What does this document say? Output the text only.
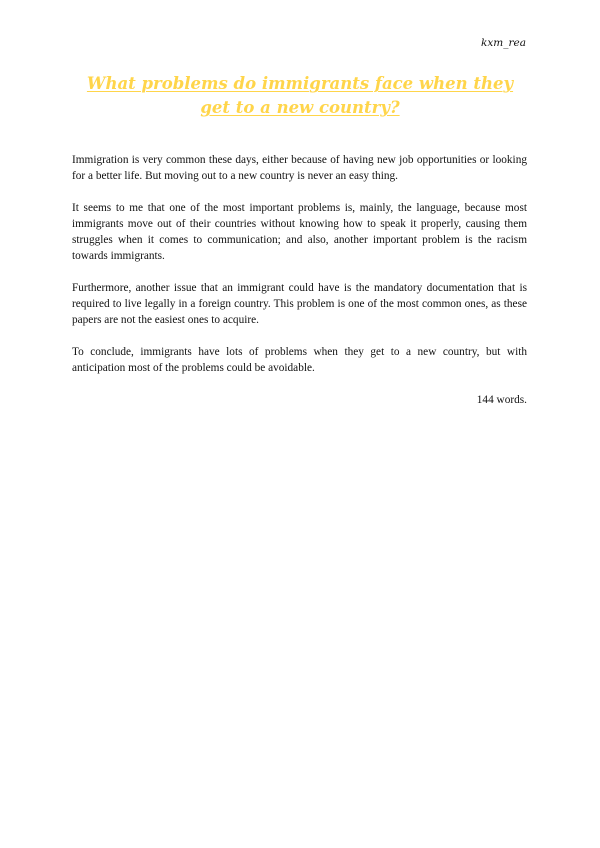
kxm_rea
What problems do immigrants face when they get to a new country?

Immigration is very common these days, either because of having new job opportunities or looking for a better life. But moving out to a new country is never an easy thing.

It seems to me that one of the most important problems is, mainly, the language, because most immigrants move out of their countries without knowing how to speak it properly, causing them struggles when it comes to communication; and also, another important problem is the racism towards immigrants.

Furthermore, another issue that an immigrant could have is the mandatory documentation that is required to live legally in a foreign country. This problem is one of the most common ones, as these papers are not the easiest ones to acquire.

To conclude, immigrants have lots of problems when they get to a new country, but with anticipation most of the problems could be avoidable.

144 words.
